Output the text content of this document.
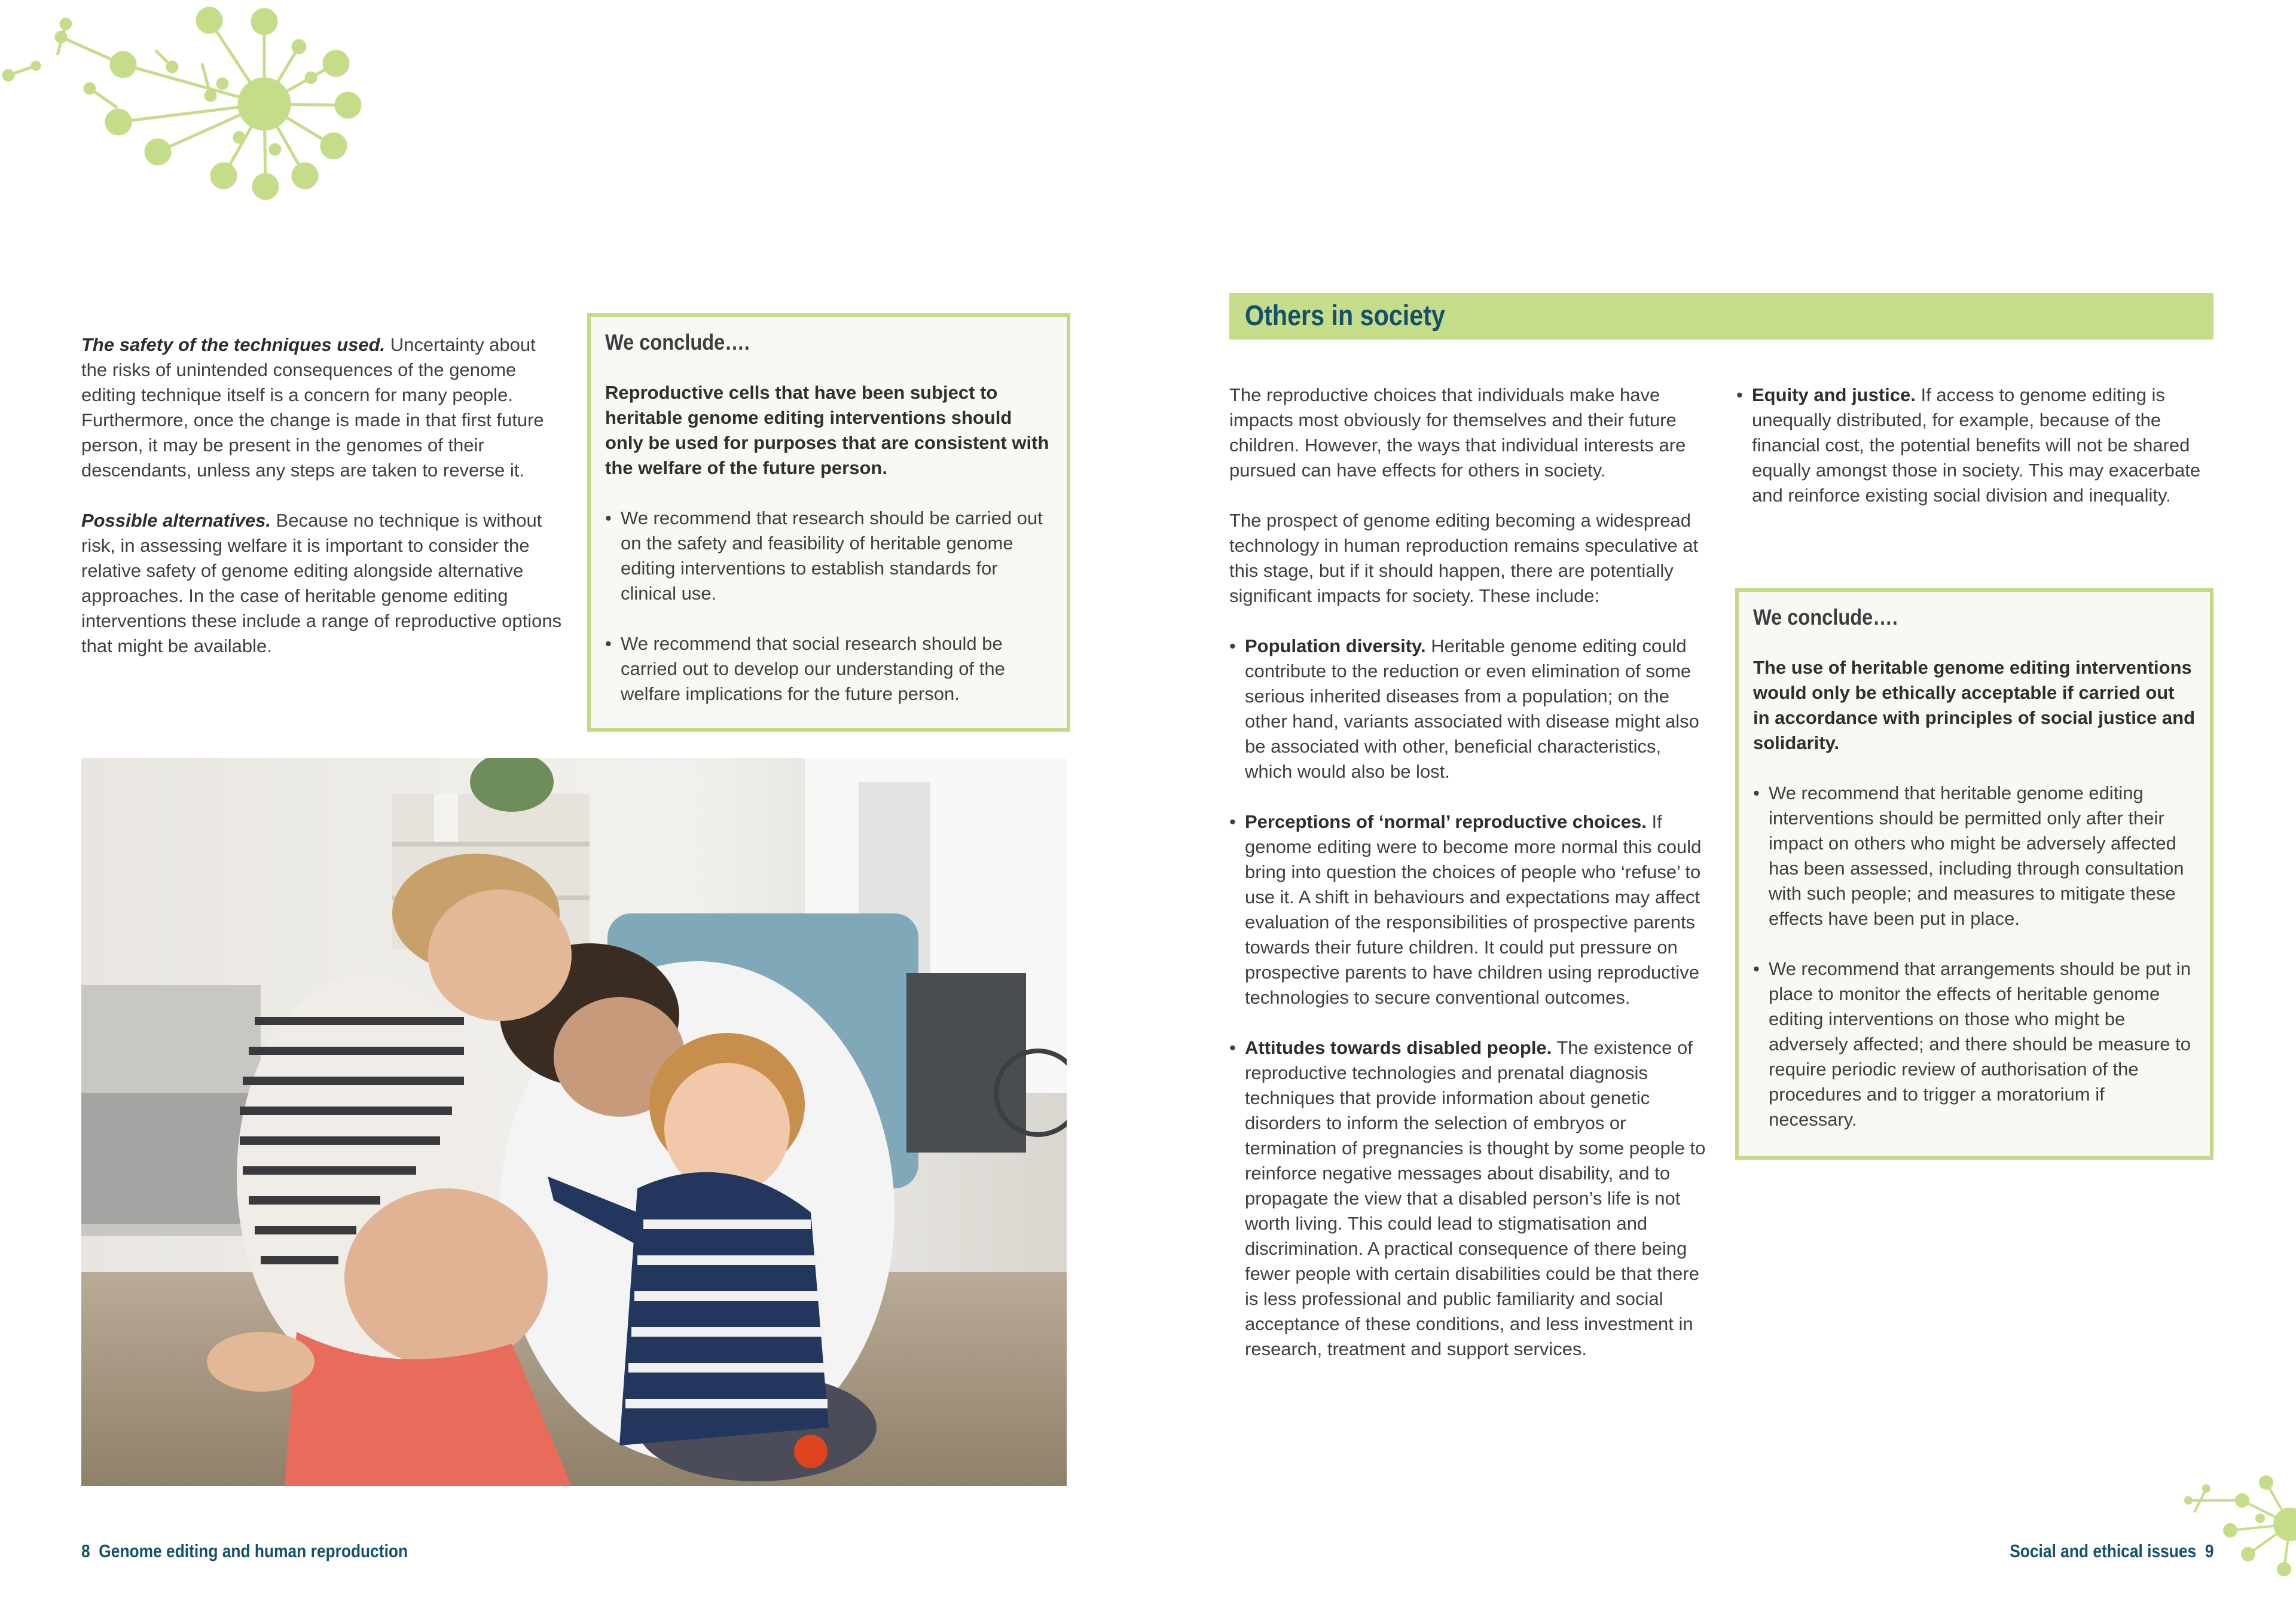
The safety of the techniques used. Uncertainty about the risks of unintended consequences of the genome editing technique itself is a concern for many people. Furthermore, once the change is made in that first future person, it may be present in the genomes of their descendants, unless any steps are taken to reverse it.

Possible alternatives. Because no technique is without risk, in assessing welfare it is important to consider the relative safety of genome editing alongside alternative approaches. In the case of heritable genome editing interventions these include a range of reproductive options that might be available.

We conclude….

Reproductive cells that have been subject to heritable genome editing interventions should only be used for purposes that are consistent with the welfare of the future person.

• We recommend that research should be carried out on the safety and feasibility of heritable genome editing interventions to establish standards for clinical use.
• We recommend that social research should be carried out to develop our understanding of the welfare implications for the future person.
Others in society

The reproductive choices that individuals make have impacts most obviously for themselves and their future children. However, the ways that individual interests are pursued can have effects for others in society.

The prospect of genome editing becoming a widespread technology in human reproduction remains speculative at this stage, but if it should happen, there are potentially significant impacts for society. These include:

• Population diversity. Heritable genome editing could contribute to the reduction or even elimination of some serious inherited diseases from a population; on the other hand, variants associated with disease might also be associated with other, beneficial characteristics, which would also be lost.
• Perceptions of ‘normal’ reproductive choices. If genome editing were to become more normal this could bring into question the choices of people who ‘refuse’ to use it. A shift in behaviours and expectations may affect evaluation of the responsibilities of prospective parents towards their future children. It could put pressure on prospective parents to have children using reproductive technologies to secure conventional outcomes.
• Attitudes towards disabled people. The existence of reproductive technologies and prenatal diagnosis techniques that provide information about genetic disorders to inform the selection of embryos or termination of pregnancies is thought by some people to reinforce negative messages about disability, and to propagate the view that a disabled person’s life is not worth living. This could lead to stigmatisation and discrimination. A practical consequence of there being fewer people with certain disabilities could be that there is less professional and public familiarity and social acceptance of these conditions, and less investment in research, treatment and support services.
• Equity and justice. If access to genome editing is unequally distributed, for example, because of the financial cost, the potential benefits will not be shared equally amongst those in society. This may exacerbate and reinforce existing social division and inequality.
We conclude….

The use of heritable genome editing interventions would only be ethically acceptable if carried out in accordance with principles of social justice and solidarity.

• We recommend that heritable genome editing interventions should be permitted only after their impact on others who might be adversely affected has been assessed, including through consultation with such people; and measures to mitigate these effects have been put in place.
• We recommend that arrangements should be put in place to monitor the effects of heritable genome editing interventions on those who might be adversely affected; and there should be measure to require periodic review of authorisation of the procedures and to trigger a moratorium if necessary.
8 Genome editing and human reproduction	Social and ethical issues 9
